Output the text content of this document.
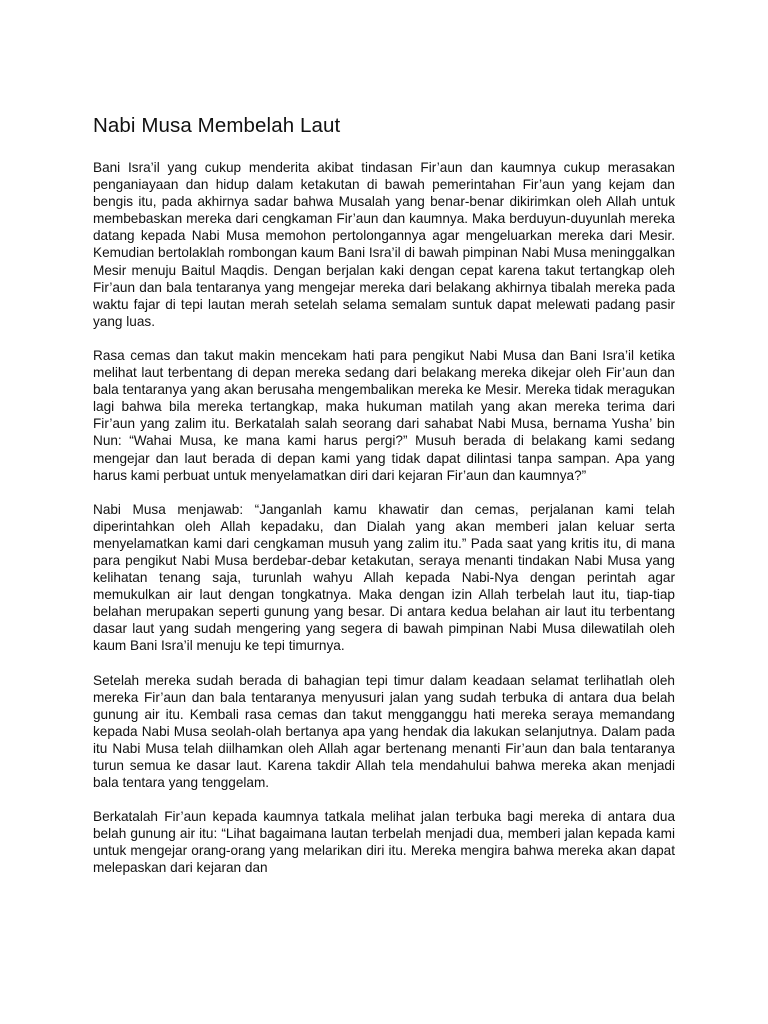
Nabi Musa Membelah Laut

Bani Isra’il yang cukup menderita akibat tindasan Fir’aun dan kaumnya cukup merasakan penganiayaan dan hidup dalam ketakutan di bawah pemerintahan Fir’aun yang kejam dan bengis itu, pada akhirnya sadar bahwa Musalah yang benar-benar dikirimkan oleh Allah untuk membebaskan mereka dari cengkaman Fir’aun dan kaumnya. Maka berduyun-duyunlah mereka datang kepada Nabi Musa memohon pertolongannya agar mengeluarkan mereka dari Mesir. Kemudian bertolaklah rombongan kaum Bani Isra’il di bawah pimpinan Nabi Musa meninggalkan Mesir menuju Baitul Maqdis. Dengan berjalan kaki dengan cepat karena takut tertangkap oleh Fir’aun dan bala tentaranya yang mengejar mereka dari belakang akhirnya tibalah mereka pada waktu fajar di tepi lautan merah setelah selama semalam suntuk dapat melewati padang pasir yang luas.

Rasa cemas dan takut makin mencekam hati para pengikut Nabi Musa dan Bani Isra’il ketika melihat laut terbentang di depan mereka sedang dari belakang mereka dikejar oleh Fir’aun dan bala tentaranya yang akan berusaha mengembalikan mereka ke Mesir. Mereka tidak meragukan lagi bahwa bila mereka tertangkap, maka hukuman matilah yang akan mereka terima dari Fir’aun yang zalim itu. Berkatalah salah seorang dari sahabat Nabi Musa, bernama Yusha’ bin Nun: “Wahai Musa, ke mana kami harus pergi?” Musuh berada di belakang kami sedang mengejar dan laut berada di depan kami yang tidak dapat dilintasi tanpa sampan. Apa yang harus kami perbuat untuk menyelamatkan diri dari kejaran Fir’aun dan kaumnya?”

Nabi Musa menjawab: “Janganlah kamu khawatir dan cemas, perjalanan kami telah diperintahkan oleh Allah kepadaku, dan Dialah yang akan memberi jalan keluar serta menyelamatkan kami dari cengkaman musuh yang zalim itu.” Pada saat yang kritis itu, di mana para pengikut Nabi Musa berdebar-debar ketakutan, seraya menanti tindakan Nabi Musa yang kelihatan tenang saja, turunlah wahyu Allah kepada Nabi-Nya dengan perintah agar memukulkan air laut dengan tongkatnya. Maka dengan izin Allah terbelah laut itu, tiap-tiap belahan merupakan seperti gunung yang besar. Di antara kedua belahan air laut itu terbentang dasar laut yang sudah mengering yang segera di bawah pimpinan Nabi Musa dilewatilah oleh kaum Bani Isra’il menuju ke tepi timurnya.

Setelah mereka sudah berada di bahagian tepi timur dalam keadaan selamat terlihatlah oleh mereka Fir’aun dan bala tentaranya menyusuri jalan yang sudah terbuka di antara dua belah gunung air itu. Kembali rasa cemas dan takut mengganggu hati mereka seraya memandang kepada Nabi Musa seolah-olah bertanya apa yang hendak dia lakukan selanjutnya. Dalam pada itu Nabi Musa telah diilhamkan oleh Allah agar bertenang menanti Fir’aun dan bala tentaranya turun semua ke dasar laut. Karena takdir Allah tela mendahului bahwa mereka akan menjadi bala tentara yang tenggelam.

Berkatalah Fir’aun kepada kaumnya tatkala melihat jalan terbuka bagi mereka di antara dua belah gunung air itu: “Lihat bagaimana lautan terbelah menjadi dua, memberi jalan kepada kami untuk mengejar orang-orang yang melarikan diri itu. Mereka mengira bahwa mereka akan dapat melepaskan dari kejaran dan
